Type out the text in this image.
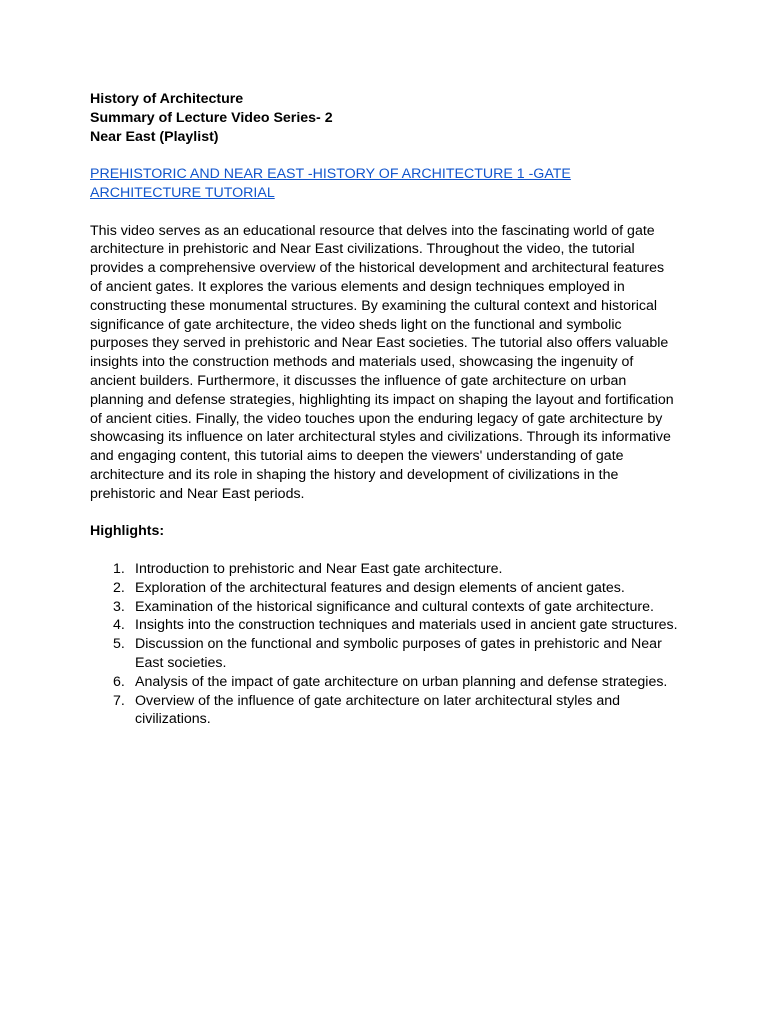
History of Architecture
Summary of Lecture Video Series- 2
Near East (Playlist)

PREHISTORIC AND NEAR EAST -HISTORY OF ARCHITECTURE 1 -GATE ARCHITECTURE TUTORIAL

This video serves as an educational resource that delves into the fascinating world of gate architecture in prehistoric and Near East civilizations. Throughout the video, the tutorial provides a comprehensive overview of the historical development and architectural features of ancient gates. It explores the various elements and design techniques employed in constructing these monumental structures. By examining the cultural context and historical significance of gate architecture, the video sheds light on the functional and symbolic purposes they served in prehistoric and Near East societies. The tutorial also offers valuable insights into the construction methods and materials used, showcasing the ingenuity of ancient builders. Furthermore, it discusses the influence of gate architecture on urban planning and defense strategies, highlighting its impact on shaping the layout and fortification of ancient cities. Finally, the video touches upon the enduring legacy of gate architecture by showcasing its influence on later architectural styles and civilizations. Through its informative and engaging content, this tutorial aims to deepen the viewers' understanding of gate architecture and its role in shaping the history and development of civilizations in the prehistoric and Near East periods.

Highlights:

1. Introduction to prehistoric and Near East gate architecture.
2. Exploration of the architectural features and design elements of ancient gates.
3. Examination of the historical significance and cultural contexts of gate architecture.
4. Insights into the construction techniques and materials used in ancient gate structures.
5. Discussion on the functional and symbolic purposes of gates in prehistoric and Near East societies.
6. Analysis of the impact of gate architecture on urban planning and defense strategies.
7. Overview of the influence of gate architecture on later architectural styles and civilizations.
